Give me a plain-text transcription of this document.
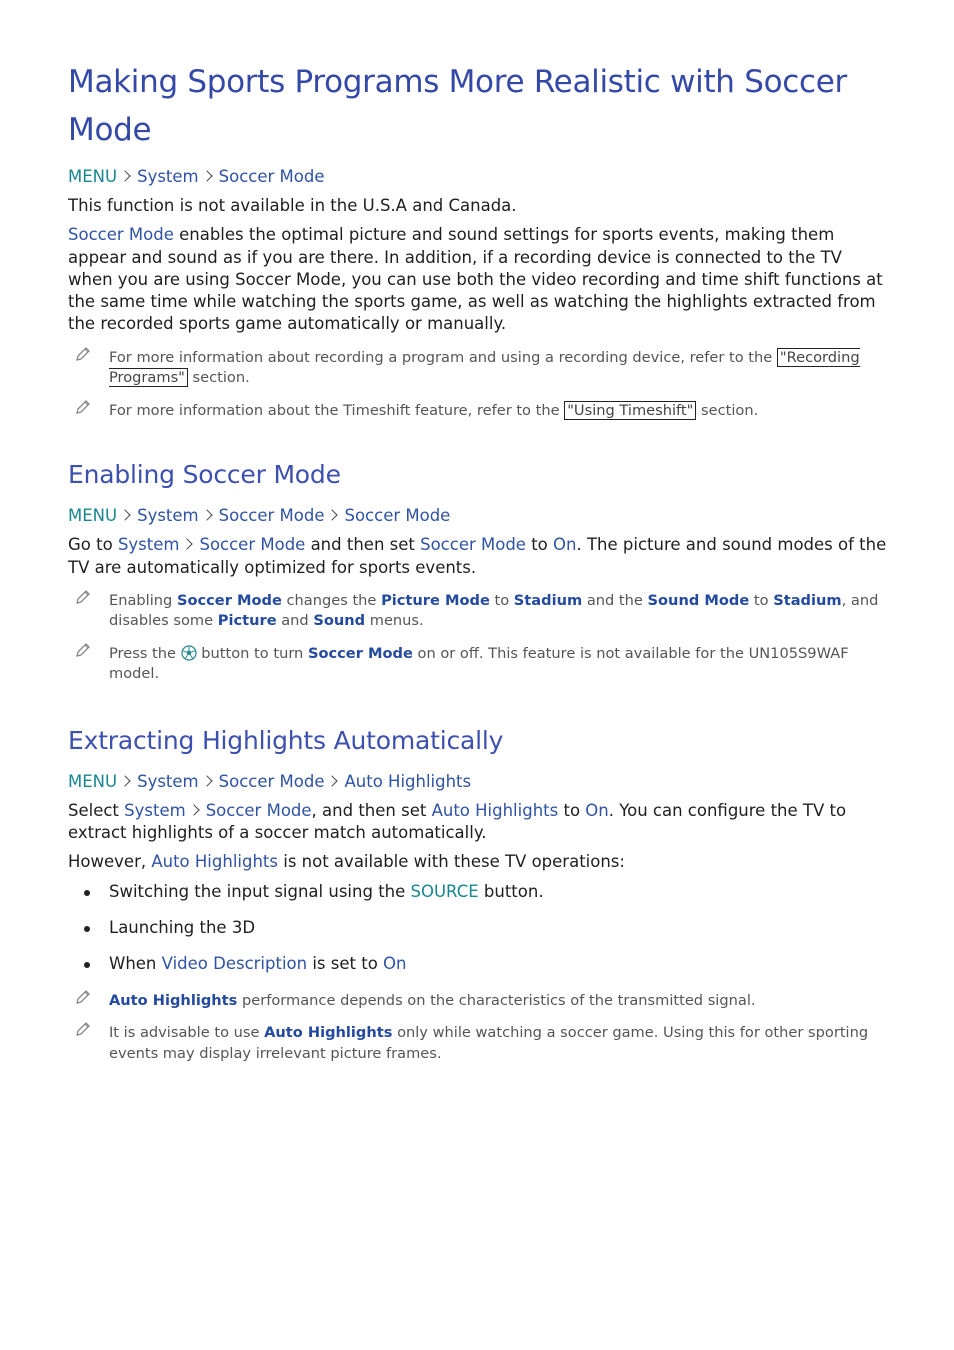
Making Sports Programs More Realistic with Soccer Mode
MENU System Soccer Mode

This function is not available in the U.S.A and Canada.

Soccer Mode enables the optimal picture and sound settings for sports events, making them appear and sound as if you are there. In addition, if a recording device is connected to the TV when you are using Soccer Mode, you can use both the video recording and time shift functions at the same time while watching the sports game, as well as watching the highlights extracted from the recorded sports game automatically or manually.

For more information about recording a program and using a recording device, refer to the "Recording Programs" section.
For more information about the Timeshift feature, refer to the "Using Timeshift" section.
Enabling Soccer Mode
MENU System Soccer Mode Soccer Mode

Go to System Soccer Mode and then set Soccer Mode to On. The picture and sound modes of the TV are automatically optimized for sports events.

Enabling Soccer Mode changes the Picture Mode to Stadium and the Sound Mode to Stadium, and disables some Picture and Sound menus.
Press the  button to turn Soccer Mode on or off. This feature is not available for the UN105S9WAF model.
Extracting Highlights Automatically
MENU System Soccer Mode Auto Highlights

Select System Soccer Mode, and then set Auto Highlights to On. You can configure the TV to extract highlights of a soccer match automatically.

However, Auto Highlights is not available with these TV operations:

Switching the input signal using the SOURCE button.
Launching the 3D
When Video Description is set to On
Auto Highlights performance depends on the characteristics of the transmitted signal.
It is advisable to use Auto Highlights only while watching a soccer game. Using this for other sporting events may display irrelevant picture frames.
